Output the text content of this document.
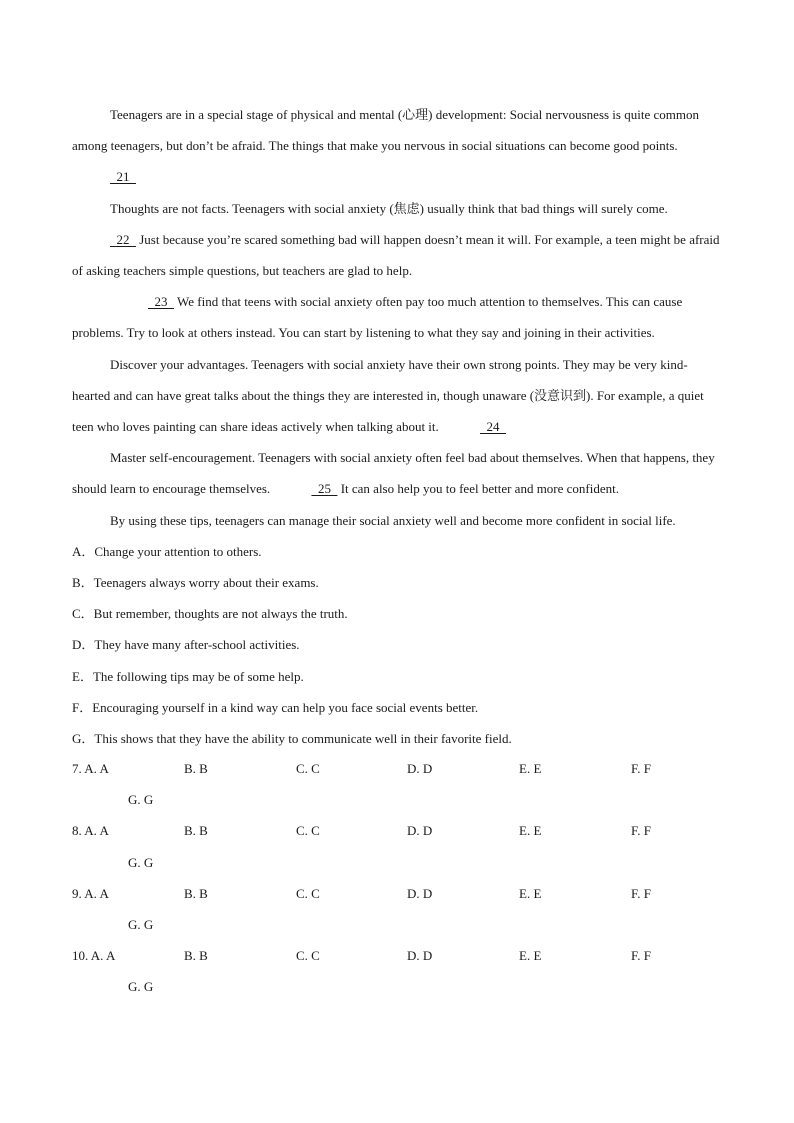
Teenagers are in a special stage of physical and mental (心理) development: Social nervousness is quite common among teenagers, but don’t be afraid. The things that make you nervous in social situations can become good points.   21

Thoughts are not facts. Teenagers with social anxiety (焦虑) usually think that bad things will surely come.   22   Just because you’re scared something bad will happen doesn’t mean it will. For example, a teen might be afraid of asking teachers simple questions, but teachers are glad to help.

23   We find that teens with social anxiety often pay too much attention to themselves. This can cause problems. Try to look at others instead. You can start by listening to what they say and joining in their activities.

Discover your advantages. Teenagers with social anxiety have their own strong points. They may be very kind-hearted and can have great talks about the things they are interested in, though unaware (没意识到). For example, a quiet teen who loves painting can share ideas actively when talking about it.	24

Master self-encouragement. Teenagers with social anxiety often feel bad about themselves. When that happens, they should learn to encourage themselves.	25   It can also help you to feel better and more confident.

By using these tips, teenagers can manage their social anxiety well and become more confident in social life.

A．Change your attention to others.
B．Teenagers always worry about their exams.
C．But remember, thoughts are not always the truth.
D．They have many after-school activities.
E．The following tips may be of some help.
F．Encouraging yourself in a kind way can help you face social events better.
G．This shows that they have the ability to communicate well in their favorite field.
7. A. A	B. B	C. C	D. D	E. E	F. F
G. G
8. A. A	B. B	C. C	D. D	E. E	F. F
G. G
9. A. A	B. B	C. C	D. D	E. E	F. F
G. G
10. A. A	B. B	C. C	D. D	E. E	F. F
G. G
